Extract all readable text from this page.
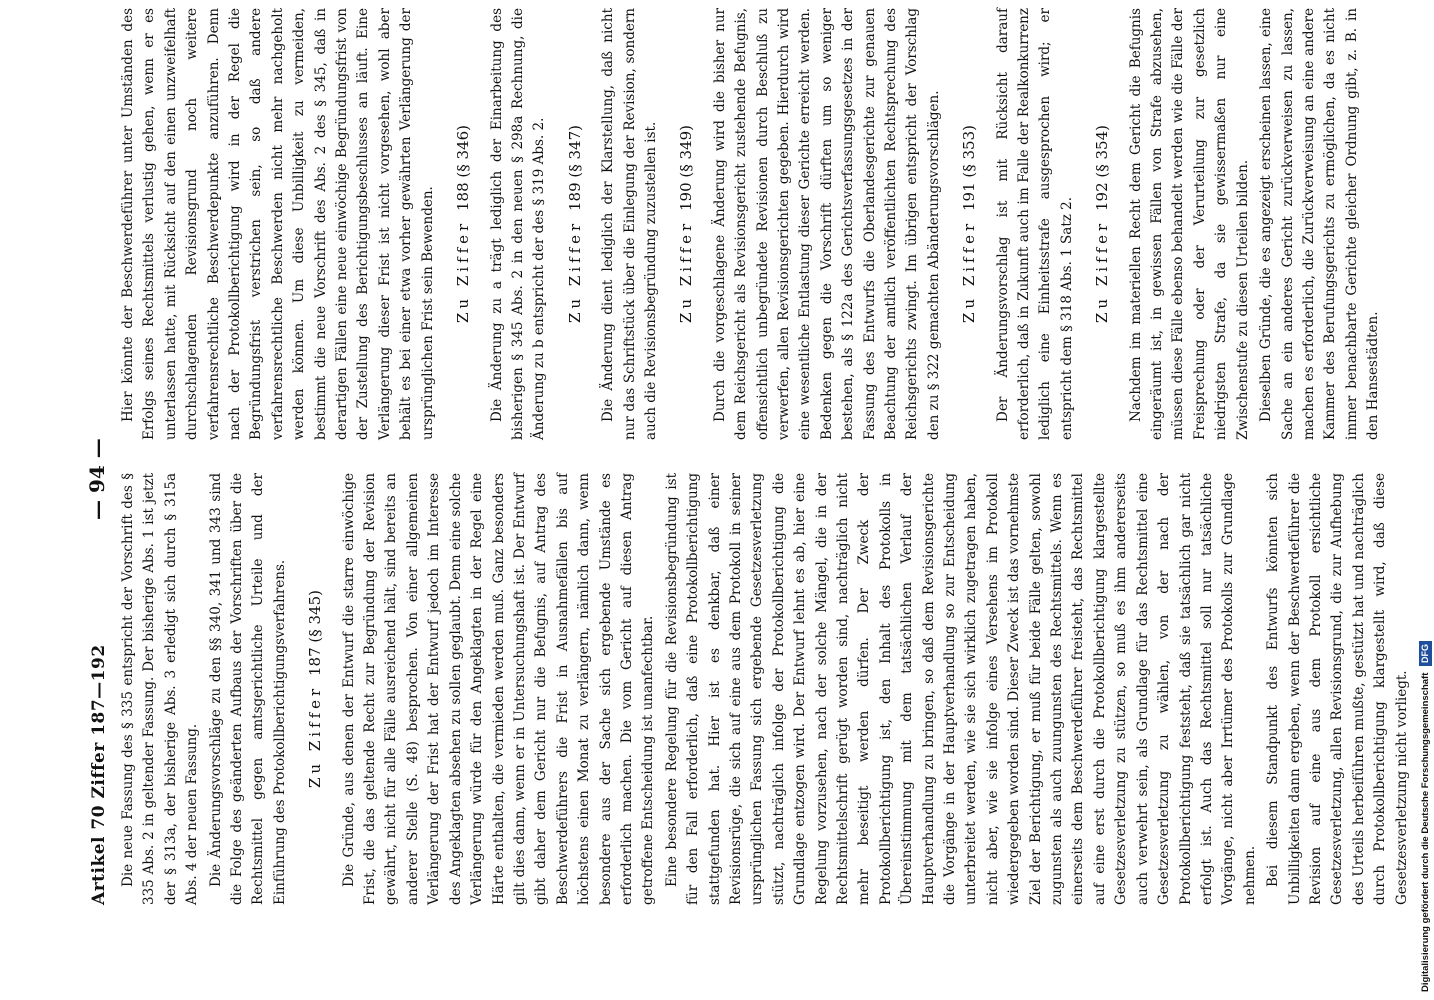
Artikel 70 Ziffer 187—192
— 94 — Die neue Fassung des § 335 entspricht der Vorschrift des § 335 Abs. 2 in geltender Fassung. Der bisherige Abs. 1 ist jetzt der § 313a, der bisherige Abs. 3 erledigt sich durch § 315a Abs. 4 der neuen Fassung. Die Änderungsvorschläge zu den §§ 340, 341 und 343 sind die Folge des geänderten Aufbaus der Vorschriften über die Rechtsmittel gegen amtsgerichtliche Urteile und der Einführung des Protokollberichtigungsverfahrens. Zu Ziffer 187 (§ 345) Die Gründe, aus denen der Entwurf die starre einwöchige Frist, die das geltende Recht zur Begründung der Revision gewährt, nicht für alle Fälle ausreichend hält, sind bereits an anderer Stelle (S. 48) besprochen. Von einer allgemeinen Verlängerung der Frist hat der Entwurf jedoch im Interesse des Angeklagten absehen zu sollen geglaubt. Denn eine solche Verlängerung würde für den Angeklagten in der Regel eine Härte enthalten, die vermieden werden muß. Ganz besonders gilt dies dann, wenn er in Untersuchungshaft ist. Der Entwurf gibt daher dem Gericht nur die Befugnis, auf Antrag des Beschwerdeführers die Frist in Ausnahmefällen bis auf höchstens einen Monat zu verlängern, nämlich dann, wenn besondere aus der Sache sich ergebende Umstände es erforderlich machen. Die vom Gericht auf diesen Antrag getroffene Entscheidung ist unanfechtbar. Eine besondere Regelung für die Revisionsbegründung ist für den Fall erforderlich, daß eine Protokollberichtigung stattgefunden hat. Hier ist es denkbar, daß einer Revisionsrüge, die sich auf eine aus dem Protokoll in seiner ursprünglichen Fassung sich ergebende Gesetzesverletzung stützt, nachträglich infolge der Protokollberichtigung die Grundlage entzogen wird. Der Entwurf lehnt es ab, hier eine Regelung vorzusehen, nach der solche Mängel, die in der Rechtsmittelschrift gerügt worden sind, nachträglich nicht mehr beseitigt werden dürfen. Der Zweck der Protokollberichtigung ist, den Inhalt des Protokolls in Übereinstimmung mit dem tatsächlichen Verlauf der Hauptverhandlung zu bringen, so daß dem Revisionsgerichte die Vorgänge in der Hauptverhandlung so zur Entscheidung unterbreitet werden, wie sie sich wirklich zugetragen haben, nicht aber, wie sie infolge eines Versehens im Protokoll wiedergegeben worden sind. Dieser Zweck ist das vornehmste Ziel der Berichtigung, er muß für beide Fälle gelten, sowohl zugunsten als auch zuungunsten des Rechtsmittels. Wenn es einerseits dem Beschwerdeführer freisteht, das Rechtsmittel auf eine erst durch die Protokollberichtigung klargestellte Gesetzesverletzung zu stützen, so muß es ihm andererseits auch verwehrt sein, als Grundlage für das Rechtsmittel eine Gesetzesverletzung zu wählen, von der nach der Protokollberichtigung feststeht, daß sie tatsächlich gar nicht erfolgt ist. Auch das Rechtsmittel soll nur tatsächliche Vorgänge, nicht aber Irrtümer des Protokolls zur Grundlage nehmen. Bei diesem Standpunkt des Entwurfs könnten sich Unbilligkeiten dann ergeben, wenn der Beschwerdeführer die Revision auf eine aus dem Protokoll ersichtliche Gesetzesverletzung, allen Revisionsgrund, die zur Aufhebung des Urteils herbeiführen mußte, gestützt hat und nachträglich durch Protokollberichtigung klargestellt wird, daß diese Gesetzesverletzung nicht vorliegt.

Hier könnte der Beschwerdeführer unter Umständen des Erfolgs seines Rechtsmittels verlustig gehen, wenn er es unterlassen hatte, mit Rücksicht auf den einen unzweifelhaft durchschlagenden Revisionsgrund noch weitere verfahrensrechtliche Beschwerdepunkte anzuführen. Denn nach der Protokollberichtigung wird in der Regel die Begründungsfrist verstrichen sein, so daß andere verfahrensrechtliche Beschwerden nicht mehr nachgeholt werden können. Um diese Unbilligkeit zu vermeiden, bestimmt die neue Vorschrift des Abs. 2 des § 345, daß in derartigen Fällen eine neue einwöchige Begründungsfrist von der Zustellung des Berichtigungsbeschlusses an läuft. Eine Verlängerung dieser Frist ist nicht vorgesehen, wohl aber behält es bei einer etwa vorher gewährten Verlängerung der ursprünglichen Frist sein Bewenden. Zu Ziffer 188 (§ 346) Die Änderung zu a trägt lediglich der Einarbeitung des bisherigen § 345 Abs. 2 in den neuen § 298a Rechnung, die Änderung zu b entspricht der des § 319 Abs. 2. Zu Ziffer 189 (§ 347) Die Änderung dient lediglich der Klarstellung, daß nicht nur das Schriftstück über die Einlegung der Revision, sondern auch die Revisionsbegründung zuzustellen ist. Zu Ziffer 190 (§ 349) Durch die vorgeschlagene Änderung wird die bisher nur dem Reichsgericht als Revisionsgericht zustehende Befugnis, offensichtlich unbegründete Revisionen durch Beschluß zu verwerfen, allen Revisionsgerichten gegeben. Hierdurch wird eine wesentliche Entlastung dieser Gerichte erreicht werden. Bedenken gegen die Vorschrift dürften um so weniger bestehen, als § 122a des Gerichtsverfassungsgesetzes in der Fassung des Entwurfs die Oberlandesgerichte zur genauen Beachtung der amtlich veröffentlichten Rechtsprechung des Reichsgerichts zwingt. Im übrigen entspricht der Vorschlag den zu § 322 gemachten Abänderungsvorschlägen. Zu Ziffer 191 (§ 353) Der Änderungsvorschlag ist mit Rücksicht darauf erforderlich, daß in Zukunft auch im Falle der Realkonkurrenz lediglich eine Einheitsstrafe ausgesprochen wird; er entspricht dem § 318 Abs. 1 Satz 2. Zu Ziffer 192 (§ 354) Nachdem im materiellen Recht dem Gericht die Befugnis eingeräumt ist, in gewissen Fällen von Strafe abzusehen, müssen diese Fälle ebenso behandelt werden wie die Fälle der Freisprechung oder der Verurteilung zur gesetzlich niedrigsten Strafe, da sie gewissermaßen nur eine Zwischenstufe zu diesen Urteilen bilden. Dieselben Gründe, die es angezeigt erscheinen lassen, eine Sache an ein anderes Gericht zurückverweisen zu lassen, machen es erforderlich, die Zurückverweisung an eine andere Kammer des Berufungsgerichts zu ermöglichen, da es nicht immer benachbarte Gerichte gleicher Ordnung gibt, z. B. in den Hansestädten.

Digitalisierung gefördert durch die Deutsche Forschungsgemeinschaft DFG
